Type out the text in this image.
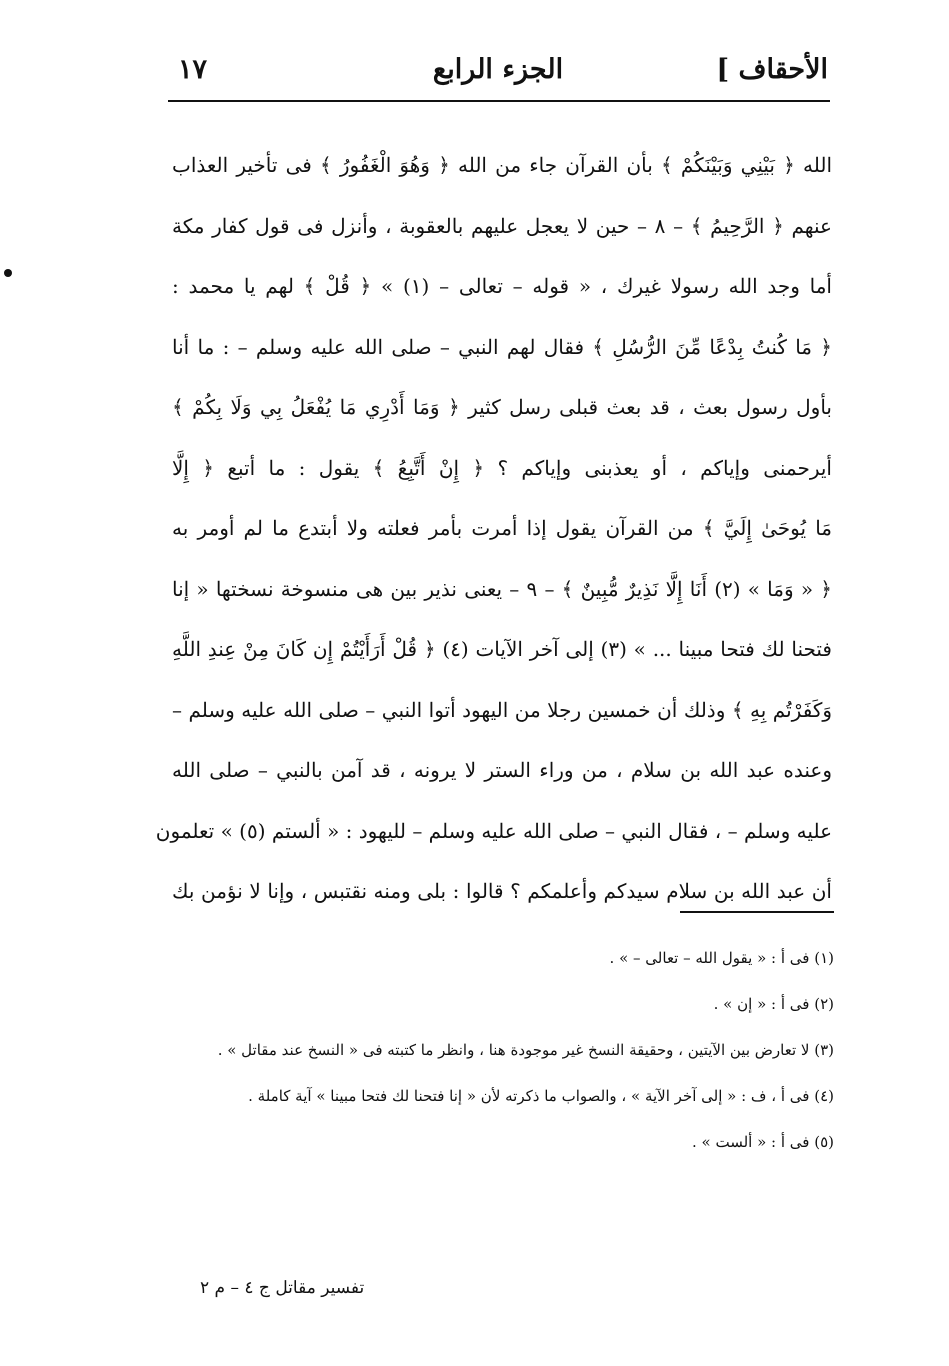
الأحقاف ]
الجزء الرابع
١٧
الله ﴿ بَيْنِي وَبَيْنَكُمْ ﴾ بأن القرآن جاء من الله ﴿ وَهُوَ الْغَفُورُ ﴾ فى تأخير العذاب
عنهم ﴿ الرَّحِيمُ ﴾ – ٨ – حين لا يعجل عليهم بالعقوبة ، وأنزل فى قول كفار مكة
أما وجد الله رسولا غيرك ، « قوله – تعالى – (١) » ﴿ قُلْ ﴾ لهم يا محمد :
﴿ مَا كُنتُ بِدْعًا مِّنَ الرُّسُلِ ﴾ فقال لهم النبي – صلى الله عليه وسلم – : ما أنا
بأول رسول بعث ، قد بعث قبلى رسل كثير ﴿ وَمَا أَدْرِي مَا يُفْعَلُ بِي وَلَا بِكُمْ ﴾
أيرحمنى وإياكم ، أو يعذبنى وإياكم ؟ ﴿ إِنْ أَتَّبِعُ ﴾ يقول : ما أتبع ﴿ إِلَّا
مَا يُوحَىٰ إِلَيَّ ﴾ من القرآن يقول إذا أمرت بأمر فعلته ولا أبتدع ما لم أومر به
﴿ « وَمَا » (٢) أَنَا إِلَّا نَذِيرٌ مُّبِينٌ ﴾ – ٩ – يعنى نذير بين هى منسوخة نسختها « إنا
فتحنا لك فتحا مبينا ... » (٣) إلى آخر الآيات (٤) ﴿ قُلْ أَرَأَيْتُمْ إِن كَانَ مِنْ عِندِ اللَّهِ
وَكَفَرْتُم بِهِ ﴾ وذلك أن خمسين رجلا من اليهود أتوا النبي – صلى الله عليه وسلم –
وعنده عبد الله بن سلام ، من وراء الستر لا يرونه ، قد آمن بالنبي – صلى الله
عليه وسلم – ، فقال النبي – صلى الله عليه وسلم – لليهود : « ألستم (٥) » تعلمون
أن عبد الله بن سلام سيدكم وأعلمكم ؟ قالوا : بلى ومنه نقتبس ، وإنا لا نؤمن بك

(١) فى أ : « يقول الله – تعالى – » .

(٢) فى أ : « إن » .

(٣) لا تعارض بين الآيتين ، وحقيقة النسخ غير موجودة هنا ، وانظر ما كتبته فى « النسخ عند مقاتل » .

(٤) فى أ ، ف : « إلى آخر الآية » ، والصواب ما ذكرته لأن « إنا فتحنا لك فتحا مبينا » آية كاملة .

(٥) فى أ : « ألست » .

تفسير مقاتل ج ٤ – م ٢
